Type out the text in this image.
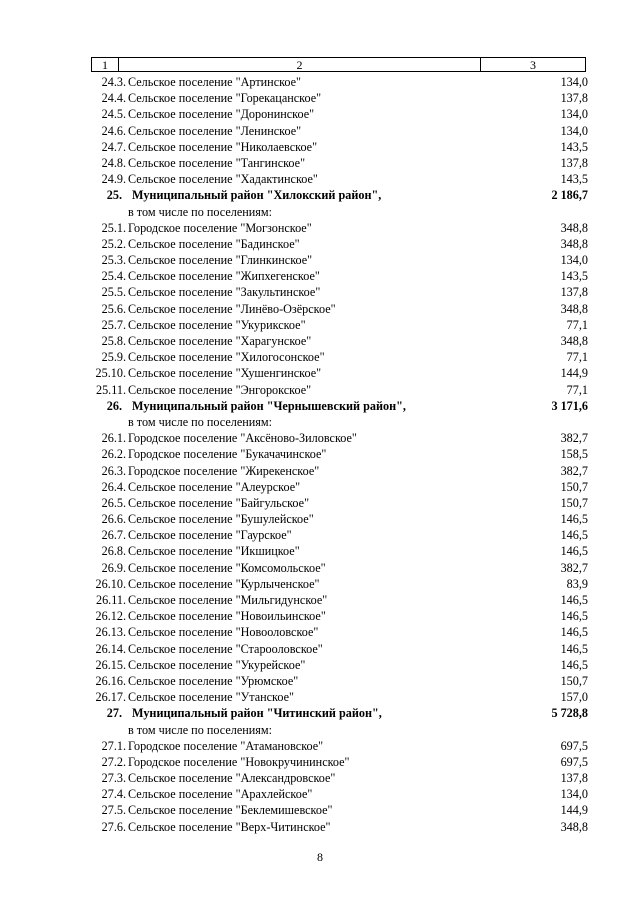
1	2	3
24.3. Сельское поселение "Артинское"	134,0
24.4. Сельское поселение "Горекацанское"	137,8
24.5. Сельское поселение "Доронинское"	134,0
24.6. Сельское поселение "Ленинское"	134,0
24.7. Сельское поселение "Николаевское"	143,5
24.8. Сельское поселение "Тангинское"	137,8
24.9. Сельское поселение "Хадактинское"	143,5
25. Муниципальный район "Хилокский район",	2 186,7
в том числе по поселениям:
25.1. Городское поселение "Могзонское"	348,8
25.2. Сельское поселение "Бадинское"	348,8
25.3. Сельское поселение "Глинкинское"	134,0
25.4. Сельское поселение "Жипхегенское"	143,5
25.5. Сельское поселение "Закультинское"	137,8
25.6. Сельское поселение "Линёво-Озёрское"	348,8
25.7. Сельское поселение "Укурикское"	77,1
25.8. Сельское поселение "Харагунское"	348,8
25.9. Сельское поселение "Хилогосонское"	77,1
25.10. Сельское поселение "Хушенгинское"	144,9
25.11. Сельское поселение "Энгорокское"	77,1
26. Муниципальный район "Чернышевский район",	3 171,6
в том числе по поселениям:
26.1. Городское поселение "Аксёново-Зиловское"	382,7
26.2. Городское поселение "Букачачинское"	158,5
26.3. Городское поселение "Жирекенское"	382,7
26.4. Сельское поселение "Алеурское"	150,7
26.5. Сельское поселение "Байгульское"	150,7
26.6. Сельское поселение "Бушулейское"	146,5
26.7. Сельское поселение "Гаурское"	146,5
26.8. Сельское поселение "Икшицкое"	146,5
26.9. Сельское поселение "Комсомольское"	382,7
26.10. Сельское поселение "Курлыченское"	83,9
26.11. Сельское поселение "Мильгидунское"	146,5
26.12. Сельское поселение "Новоильинское"	146,5
26.13. Сельское поселение "Новооловское"	146,5
26.14. Сельское поселение "Старооловское"	146,5
26.15. Сельское поселение "Укурейское"	146,5
26.16. Сельское поселение "Урюмское"	150,7
26.17. Сельское поселение "Утанское"	157,0
27. Муниципальный район "Читинский район",	5 728,8
в том числе по поселениям:
27.1. Городское поселение "Атамановское"	697,5
27.2. Городское поселение "Новокручининское"	697,5
27.3. Сельское поселение "Александровское"	137,8
27.4. Сельское поселение "Арахлейское"	134,0
27.5. Сельское поселение "Беклемишевское"	144,9
27.6. Сельское поселение "Верх-Читинское"	348,8
8
